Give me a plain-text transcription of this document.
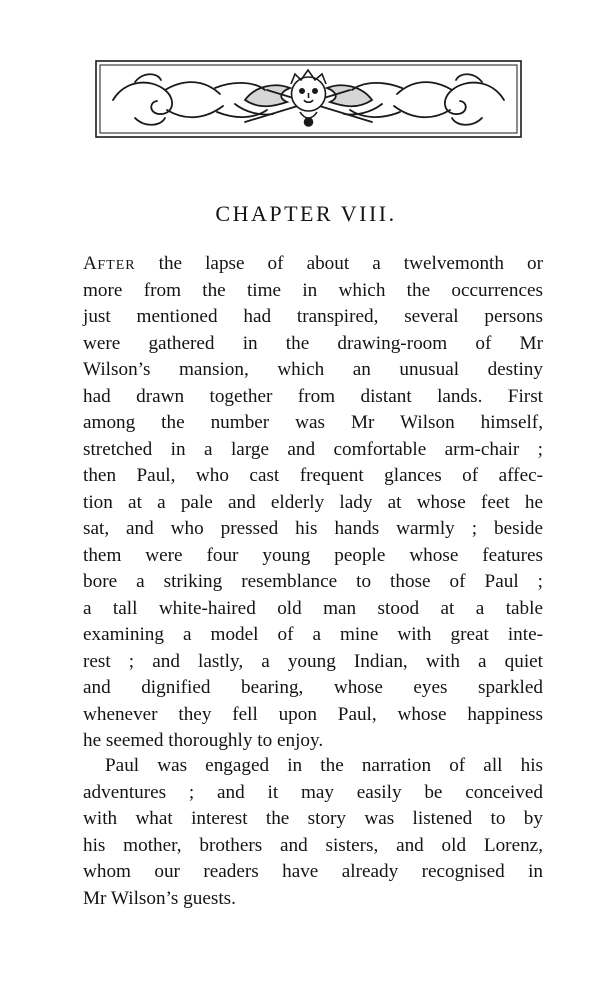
CHAPTER VIII.
AFTER the lapse of about a twelvemonth or
more from the time in which the occurrences
just mentioned had transpired, several persons
were gathered in the drawing-room of Mr
Wilson’s mansion, which an unusual destiny
had drawn together from distant lands. First
among the number was Mr Wilson himself,
stretched in a large and comfortable arm-chair ;
then Paul, who cast frequent glances of affec-
tion at a pale and elderly lady at whose feet he
sat, and who pressed his hands warmly ; beside
them were four young people whose features
bore a striking resemblance to those of Paul ;
a tall white-haired old man stood at a table
examining a model of a mine with great inte-
rest ; and lastly, a young Indian, with a quiet
and dignified bearing, whose eyes sparkled
whenever they fell upon Paul, whose happiness
he seemed thoroughly to enjoy.
Paul was engaged in the narration of all his
adventures ; and it may easily be conceived
with what interest the story was listened to by
his mother, brothers and sisters, and old Lorenz,
whom our readers have already recognised in
Mr Wilson’s guests.
